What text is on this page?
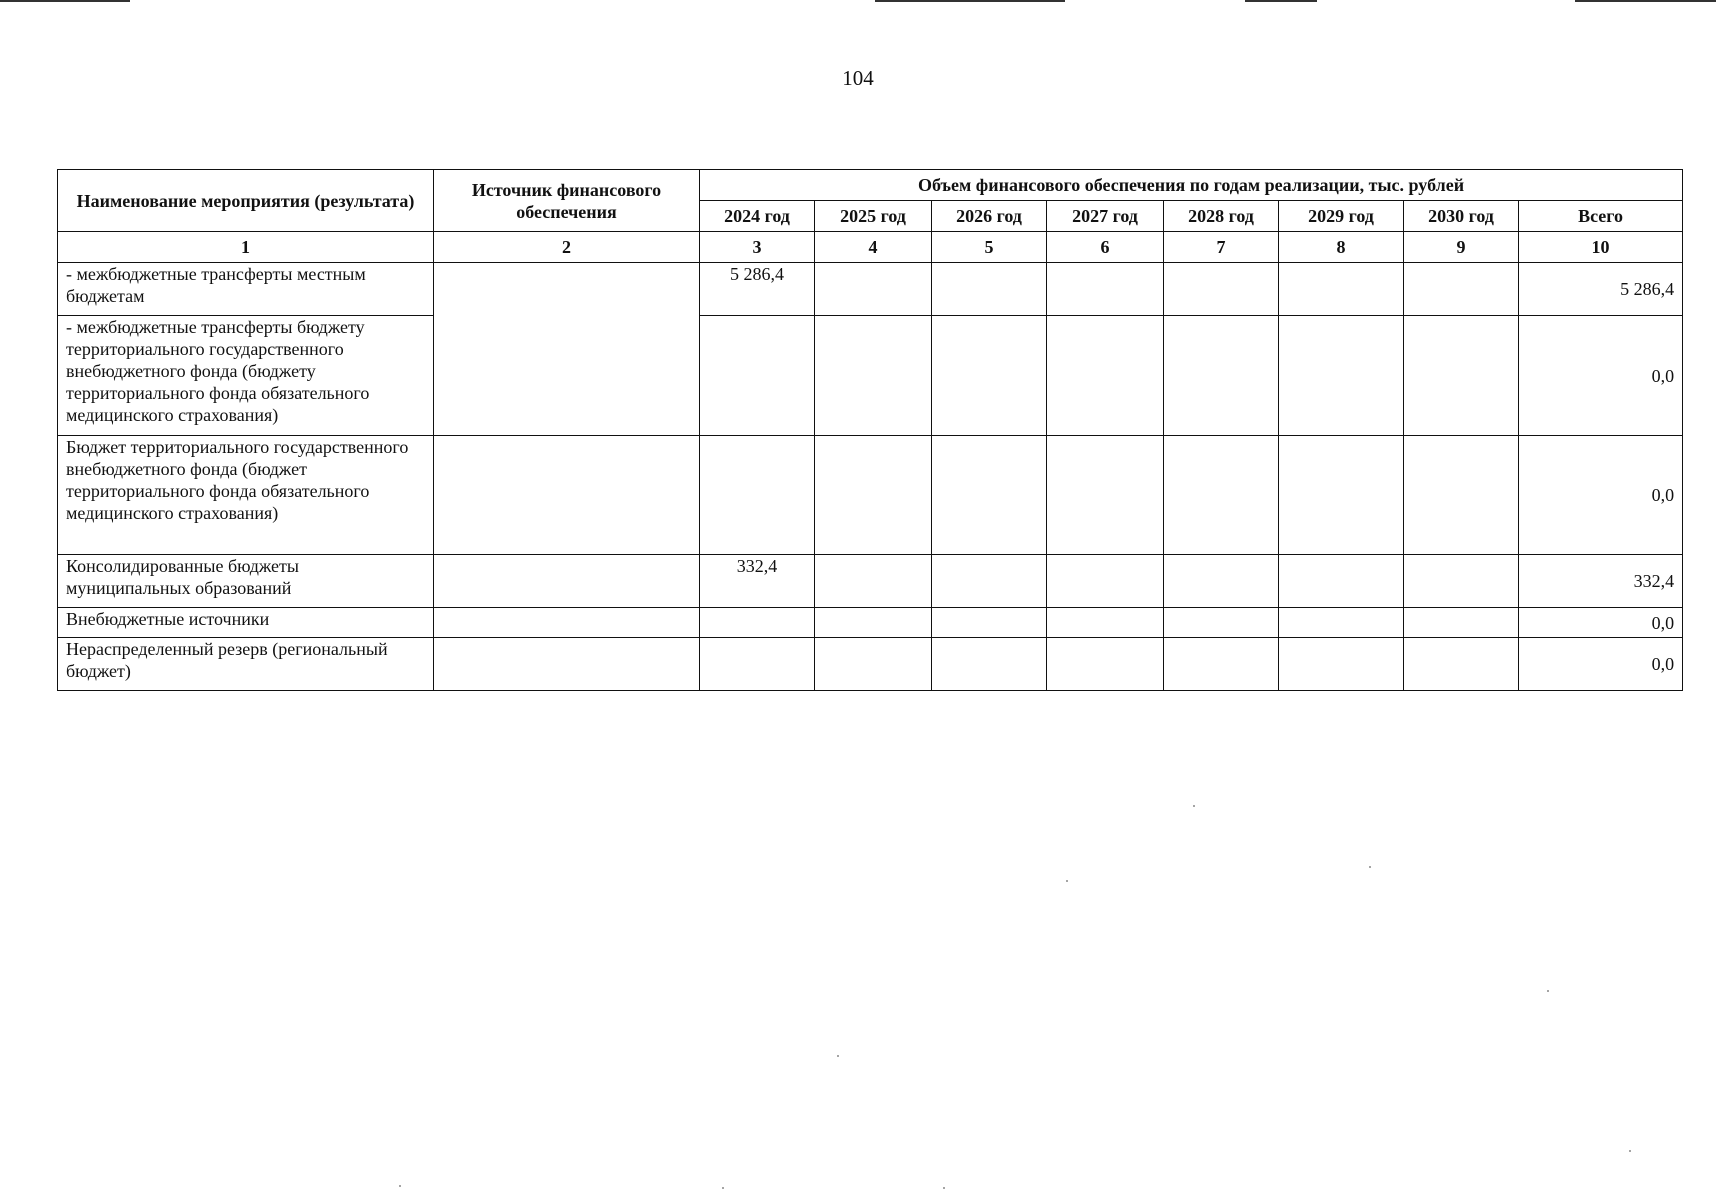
104
Наименование мероприятия (результата)	Источник финансового обеспечения	Объем финансового обеспечения по годам реализации, тыс. рублей							
		2024 год	2025 год	2026 год	2027 год	2028 год	2029 год	2030 год	Всего
1	2	3	4	5	6	7	8	9	10
- межбюджетные трансферты местным бюджетам		5 286,4							5 286,4
- межбюджетные трансферты бюджету территориального государственного внебюджетного фонда (бюджету территориального фонда обязательного медицинского страхования)									0,0
Бюджет территориального государственного внебюджетного фонда (бюджет территориального фонда обязательного медицинского страхования)									0,0
Консолидированные бюджеты муниципальных образований		332,4							332,4
Внебюджетные источники									0,0
Нераспределенный резерв (региональный бюджет)									0,0
